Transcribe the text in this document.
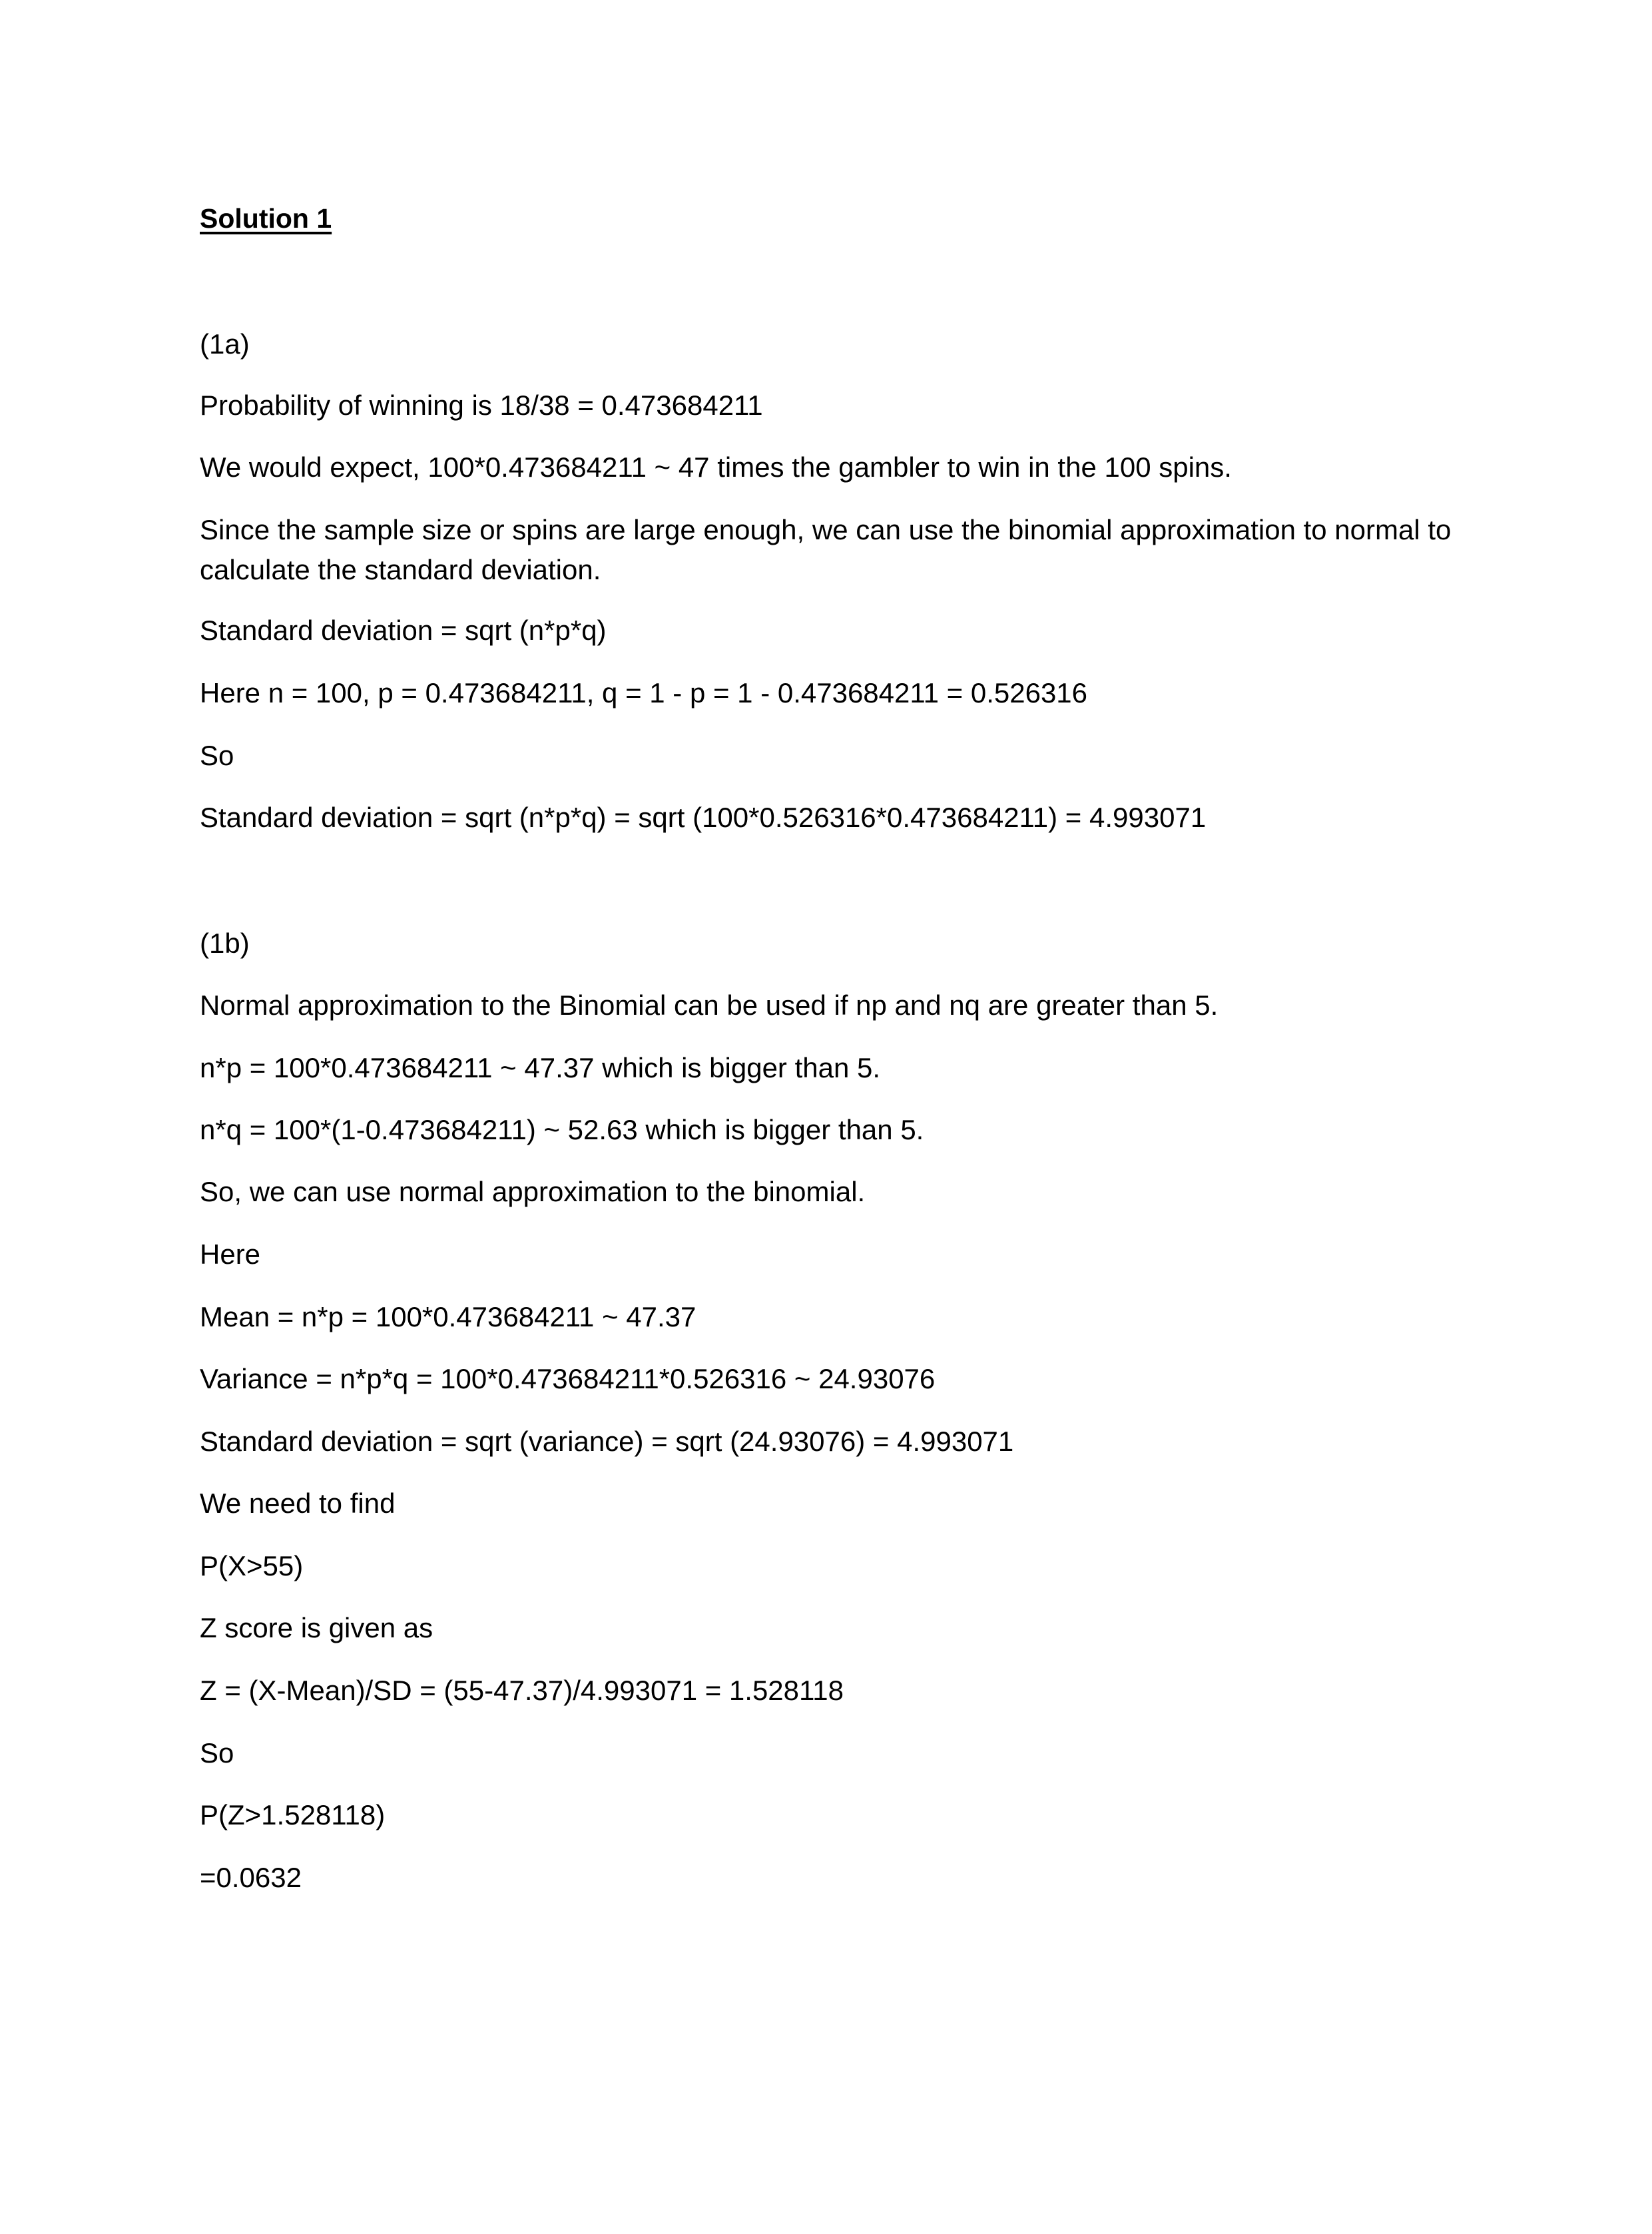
Solution 1
(1a)
Probability of winning is 18/38 = 0.473684211
We would expect, 100*0.473684211 ~ 47 times the gambler to win in the 100 spins.
Since the sample size or spins are large enough, we can use the binomial approximation to normal to calculate the standard deviation.
Standard deviation = sqrt (n*p*q)
Here n = 100, p = 0.473684211, q = 1 - p = 1 - 0.473684211 = 0.526316
So
Standard deviation = sqrt (n*p*q) = sqrt (100*0.526316*0.473684211) = 4.993071
(1b)
Normal approximation to the Binomial can be used if np and nq are greater than 5.
n*p = 100*0.473684211 ~ 47.37 which is bigger than 5.
n*q = 100*(1-0.473684211) ~ 52.63 which is bigger than 5.
So, we can use normal approximation to the binomial.
Here
Mean = n*p = 100*0.473684211 ~ 47.37
Variance = n*p*q = 100*0.473684211*0.526316 ~ 24.93076
Standard deviation = sqrt (variance) = sqrt (24.93076) = 4.993071
We need to find
P(X>55)
Z score is given as
Z = (X-Mean)/SD = (55-47.37)/4.993071 = 1.528118
So
P(Z>1.528118)
=0.0632
